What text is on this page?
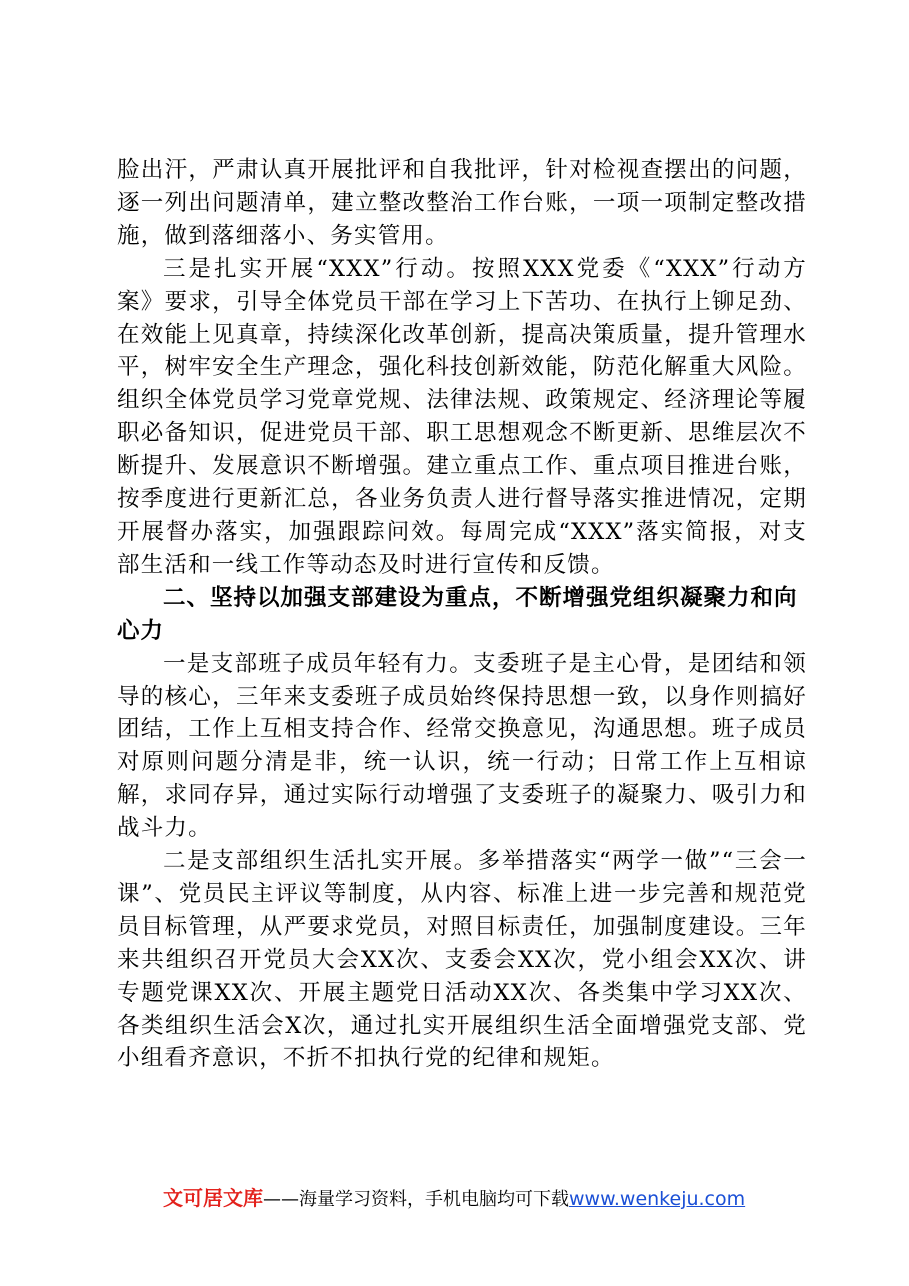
脸出汗，严肃认真开展批评和自我批评，针对检视查摆出的问题，逐一列出问题清单，建立整改整治工作台账，一项一项制定整改措施，做到落细落小、务实管用。

三是扎实开展“XXX”行动。按照XXX党委《“XXX”行动方案》要求，引导全体党员干部在学习上下苦功、在执行上铆足劲、在效能上见真章，持续深化改革创新，提高决策质量，提升管理水平，树牢安全生产理念，强化科技创新效能，防范化解重大风险。组织全体党员学习党章党规、法律法规、政策规定、经济理论等履职必备知识，促进党员干部、职工思想观念不断更新、思维层次不断提升、发展意识不断增强。建立重点工作、重点项目推进台账，按季度进行更新汇总，各业务负责人进行督导落实推进情况，定期开展督办落实，加强跟踪问效。每周完成“XXX”落实简报，对支部生活和一线工作等动态及时进行宣传和反馈。

二、坚持以加强支部建设为重点，不断增强党组织凝聚力和向心力

一是支部班子成员年轻有力。支委班子是主心骨，是团结和领导的核心，三年来支委班子成员始终保持思想一致，以身作则搞好团结，工作上互相支持合作、经常交换意见，沟通思想。班子成员对原则问题分清是非，统一认识，统一行动；日常工作上互相谅解，求同存异，通过实际行动增强了支委班子的凝聚力、吸引力和战斗力。

二是支部组织生活扎实开展。多举措落实“两学一做”“三会一课”、党员民主评议等制度，从内容、标准上进一步完善和规范党员目标管理，从严要求党员，对照目标责任，加强制度建设。三年来共组织召开党员大会XX次、支委会XX次，党小组会XX次、讲专题党课XX次、开展主题党日活动XX次、各类集中学习XX次、各类组织生活会X次，通过扎实开展组织生活全面增强党支部、党小组看齐意识，不折不扣执行党的纪律和规矩。

文可居文库——海量学习资料，手机电脑均可下载www.wenkeju.com
